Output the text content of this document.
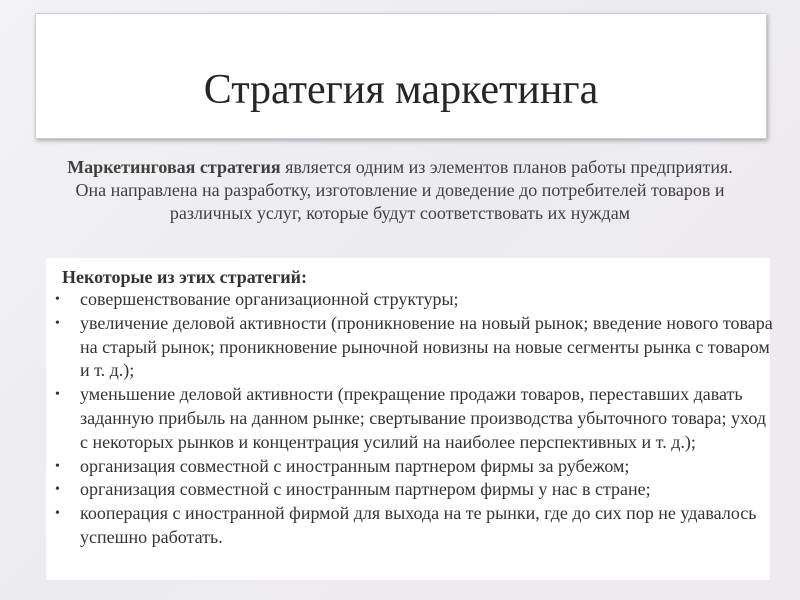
Стратегия маркетинга
Маркетинговая стратегия является одним из элементов планов работы предприятия. Она направлена на разработку, изготовление и доведение до потребителей товаров и различных услуг, которые будут соответствовать их нуждам
Некоторые из этих стратегий:
• совершенствование организационной структуры;
• увеличение деловой активности (проникновение на новый рынок; введение нового товара на старый рынок; проникновение рыночной новизны на новые сегменты рынка с товаром и т. д.);
• уменьшение деловой активности (прекращение продажи товаров, переставших давать заданную прибыль на данном рынке; свертывание производства убыточного товара; уход с некоторых рынков и концентрация усилий на наиболее перспективных и т. д.);
• организация совместной с иностранным партнером фирмы за рубежом;
• организация совместной с иностранным партнером фирмы у нас в стране;
• кооперация с иностранной фирмой для выхода на те рынки, где до сих пор не удавалось успешно работать.
